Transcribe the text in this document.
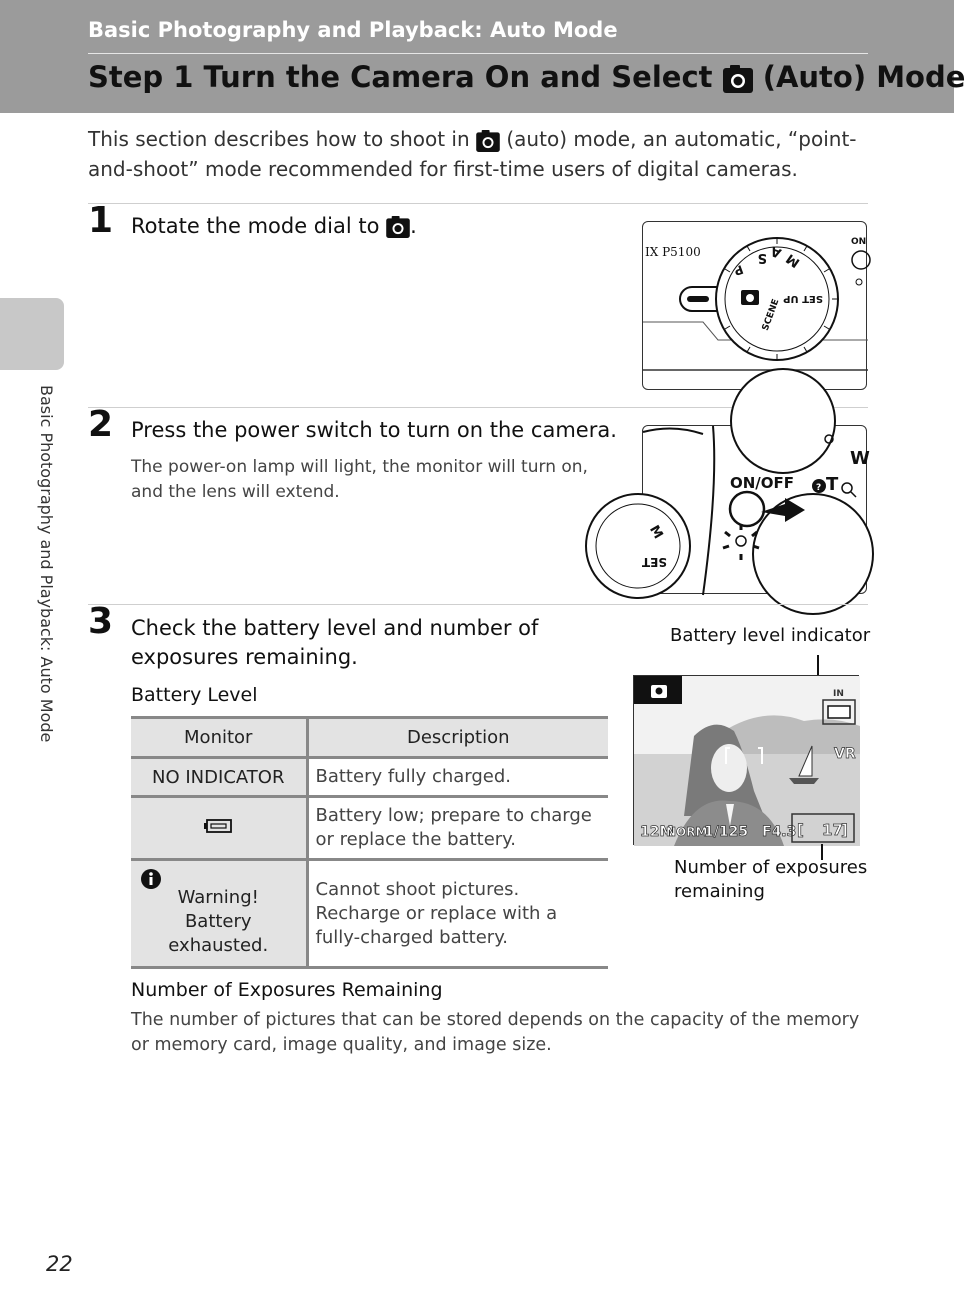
Basic Photography and Playback: Auto Mode
Step 1 Turn the Camera On and Select (Auto) Mode
Basic Photography and Playback: Auto Mode
This section describes how to shoot in (auto) mode, an automatic, “point-and-shoot” mode recommended for first-time users of digital cameras.
1 Rotate the mode dial to .
IX P5100	S A M
P
SET UP
SCENE
ON
2 Press the power switch to turn on the camera.
The power-on lamp will light, the monitor will turn on, and the lens will extend.
W
M
SET
ON/OFF ? T
3 Check the battery level and number of exposures remaining.
Battery Level
Monitor	Description
NO INDICATOR	Battery fully charged.
	Battery low; prepare to charge or replace the battery.

Warning! Battery exhausted.	Cannot shoot pictures. Recharge or replace with a fully-charged battery.
Battery level indicator
IN
VR
12M
NORM
1/125 F4.3 [ 17
]
Number of exposures remaining
Number of Exposures Remaining
The number of pictures that can be stored depends on the capacity of the memory or memory card, image quality, and image size.
22
